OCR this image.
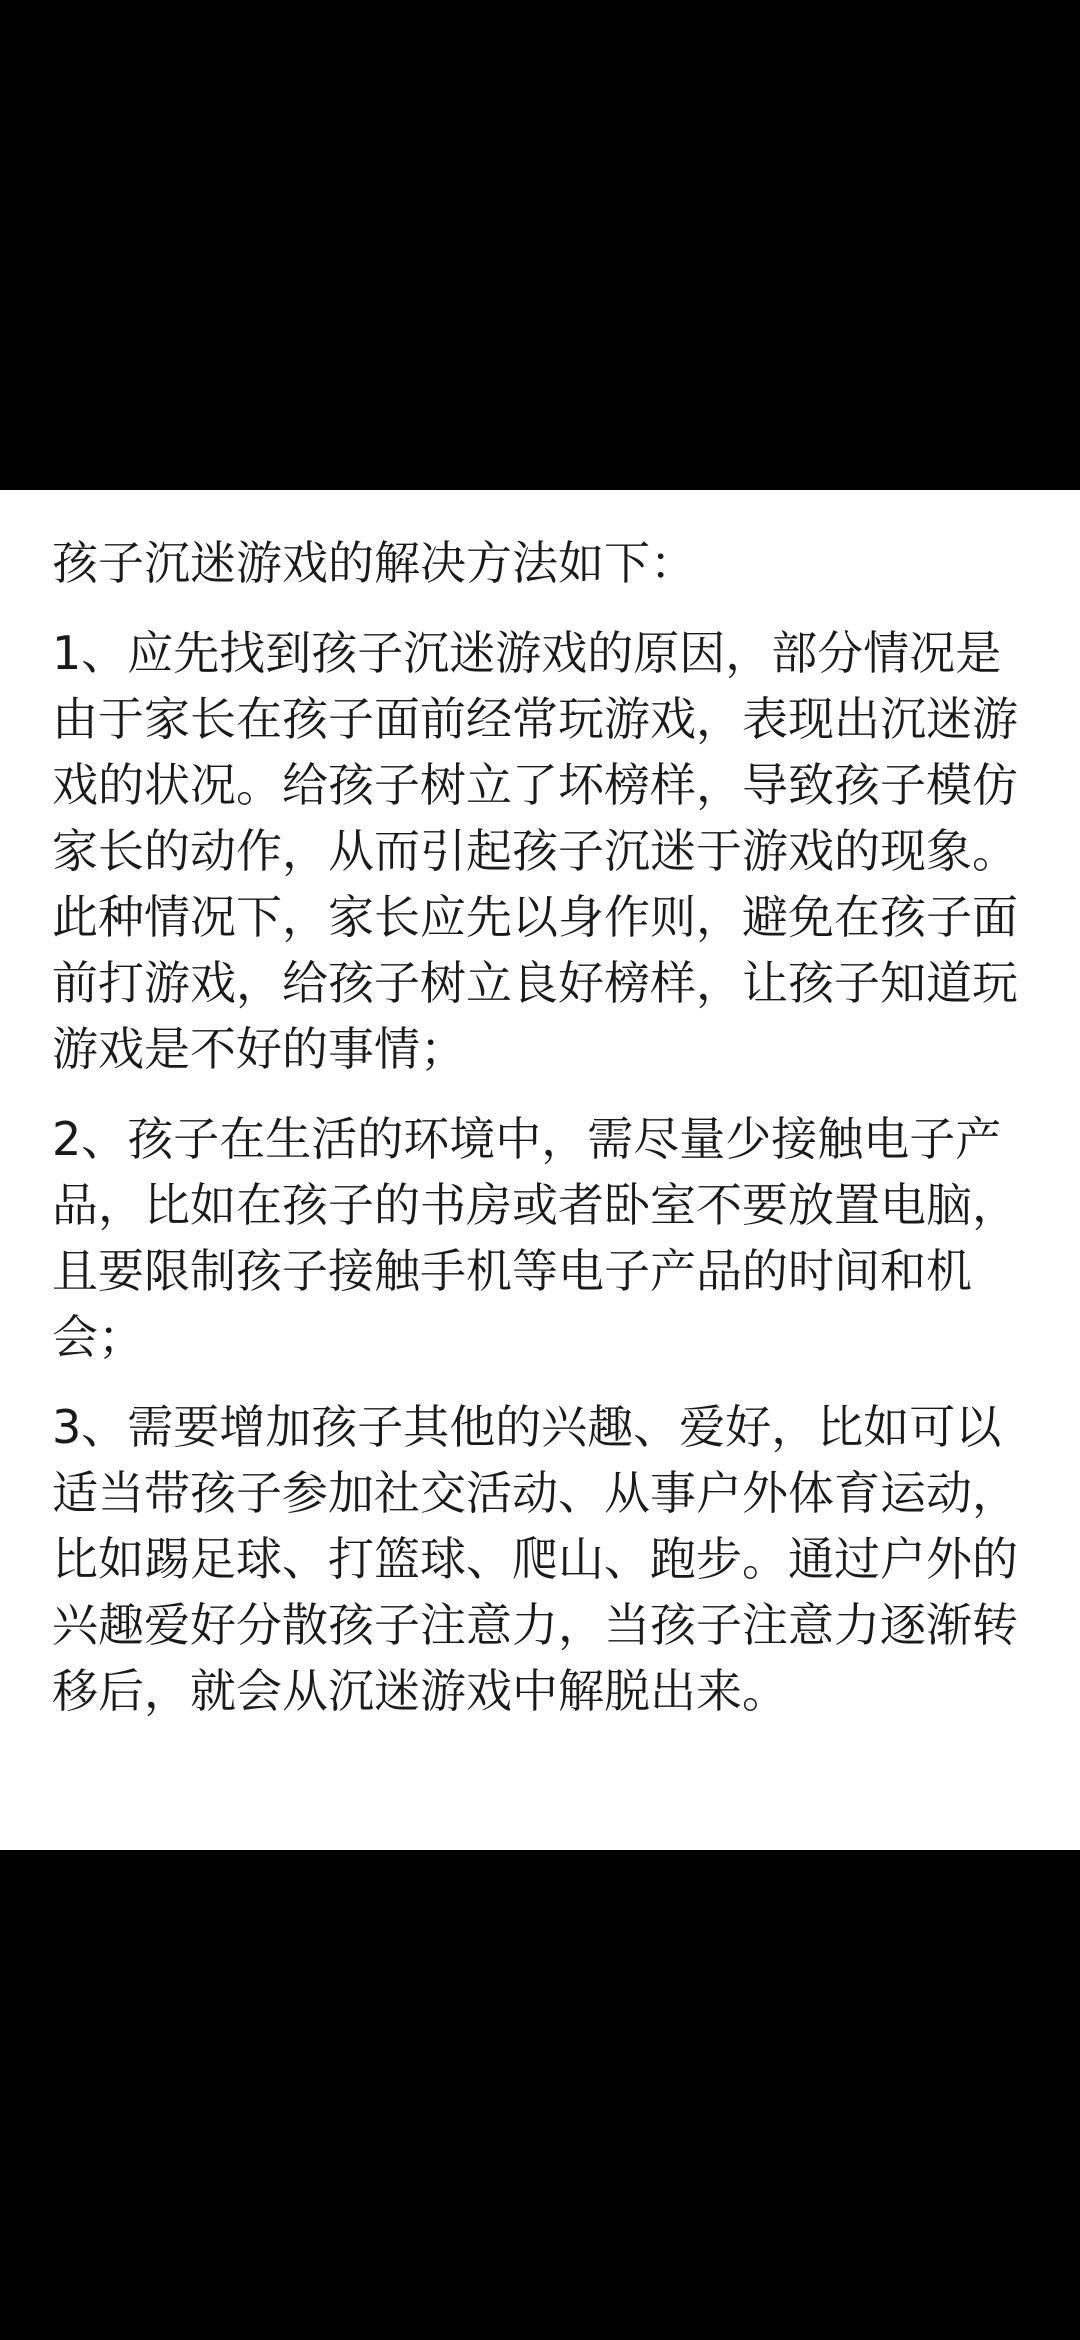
孩子沉迷游戏的解决方法如下：

1、应先找到孩子沉迷游戏的原因，部分情况是由于家长在孩子面前经常玩游戏，表现出沉迷游戏的状况。给孩子树立了坏榜样，导致孩子模仿家长的动作，从而引起孩子沉迷于游戏的现象。此种情况下，家长应先以身作则，避免在孩子面前打游戏，给孩子树立良好榜样，让孩子知道玩游戏是不好的事情；

2、孩子在生活的环境中，需尽量少接触电子产品，比如在孩子的书房或者卧室不要放置电脑，且要限制孩子接触手机等电子产品的时间和机会；

3、需要增加孩子其他的兴趣、爱好，比如可以适当带孩子参加社交活动、从事户外体育运动，比如踢足球、打篮球、爬山、跑步。通过户外的兴趣爱好分散孩子注意力，当孩子注意力逐渐转移后，就会从沉迷游戏中解脱出来。
